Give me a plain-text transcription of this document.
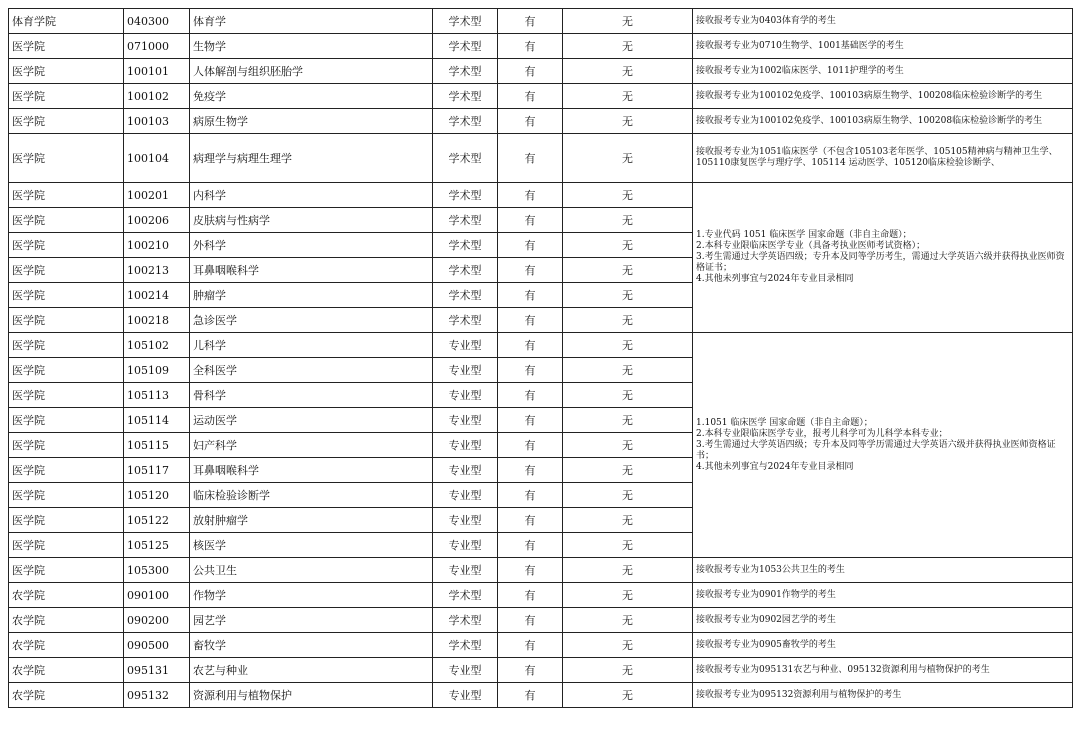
体育学院	040300	体育学	学术型	有	无	接收报考专业为0403体育学的考生
医学院	071000	生物学	学术型	有	无	接收报考专业为0710生物学、1001基础医学的考生
医学院	100101	人体解剖与组织胚胎学	学术型	有	无	接收报考专业为1002临床医学、1011护理学的考生
医学院	100102	免疫学	学术型	有	无	接收报考专业为100102免疫学、100103病原生物学、100208临床检验诊断学的考生
医学院	100103	病原生物学	学术型	有	无	接收报考专业为100102免疫学、100103病原生物学、100208临床检验诊断学的考生
医学院	100104	病理学与病理生理学	学术型	有	无	接收报考专业为1051临床医学（不包含105103老年医学、105105精神病与精神卫生学、105110康复医学与理疗学、105114 运动医学、105120临床检验诊断学、
医学院	100201	内科学	学术型	有	无	1.专业代码 1051 临床医学 国家命题（非自主命题）；
2.本科专业限临床医学专业（具备考执业医师考试资格）；
3.考生需通过大学英语四级；专升本及同等学历考生，需通过大学英语六级并获得执业医师资格证书；
4.其他未列事宜与2024年专业目录相同

医学院	100206	皮肤病与性病学	学术型	有	无	
医学院	100210	外科学	学术型	有	无	
医学院	100213	耳鼻咽喉科学	学术型	有	无	
医学院	100214	肿瘤学	学术型	有	无	
医学院	100218	急诊医学	学术型	有	无	
医学院	105102	儿科学	专业型	有	无	1.1051 临床医学 国家命题（非自主命题）；
2.本科专业限临床医学专业，报考儿科学可为儿科学本科专业；
3.考生需通过大学英语四级；专升本及同等学历需通过大学英语六级并获得执业医师资格证书；
4.其他未列事宜与2024年专业目录相同

医学院	105109	全科医学	专业型	有	无	
医学院	105113	骨科学	专业型	有	无	
医学院	105114	运动医学	专业型	有	无	
医学院	105115	妇产科学	专业型	有	无	
医学院	105117	耳鼻咽喉科学	专业型	有	无	
医学院	105120	临床检验诊断学	专业型	有	无	
医学院	105122	放射肿瘤学	专业型	有	无	
医学院	105125	核医学	专业型	有	无	
医学院	105300	公共卫生	专业型	有	无	接收报考专业为1053公共卫生的考生
农学院	090100	作物学	学术型	有	无	接收报考专业为0901作物学的考生
农学院	090200	园艺学	学术型	有	无	接收报考专业为0902园艺学的考生
农学院	090500	畜牧学	学术型	有	无	接收报考专业为0905畜牧学的考生
农学院	095131	农艺与种业	专业型	有	无	接收报考专业为095131农艺与种业、095132资源利用与植物保护的考生
农学院	095132	资源利用与植物保护	专业型	有	无	接收报考专业为095132资源利用与植物保护的考生
